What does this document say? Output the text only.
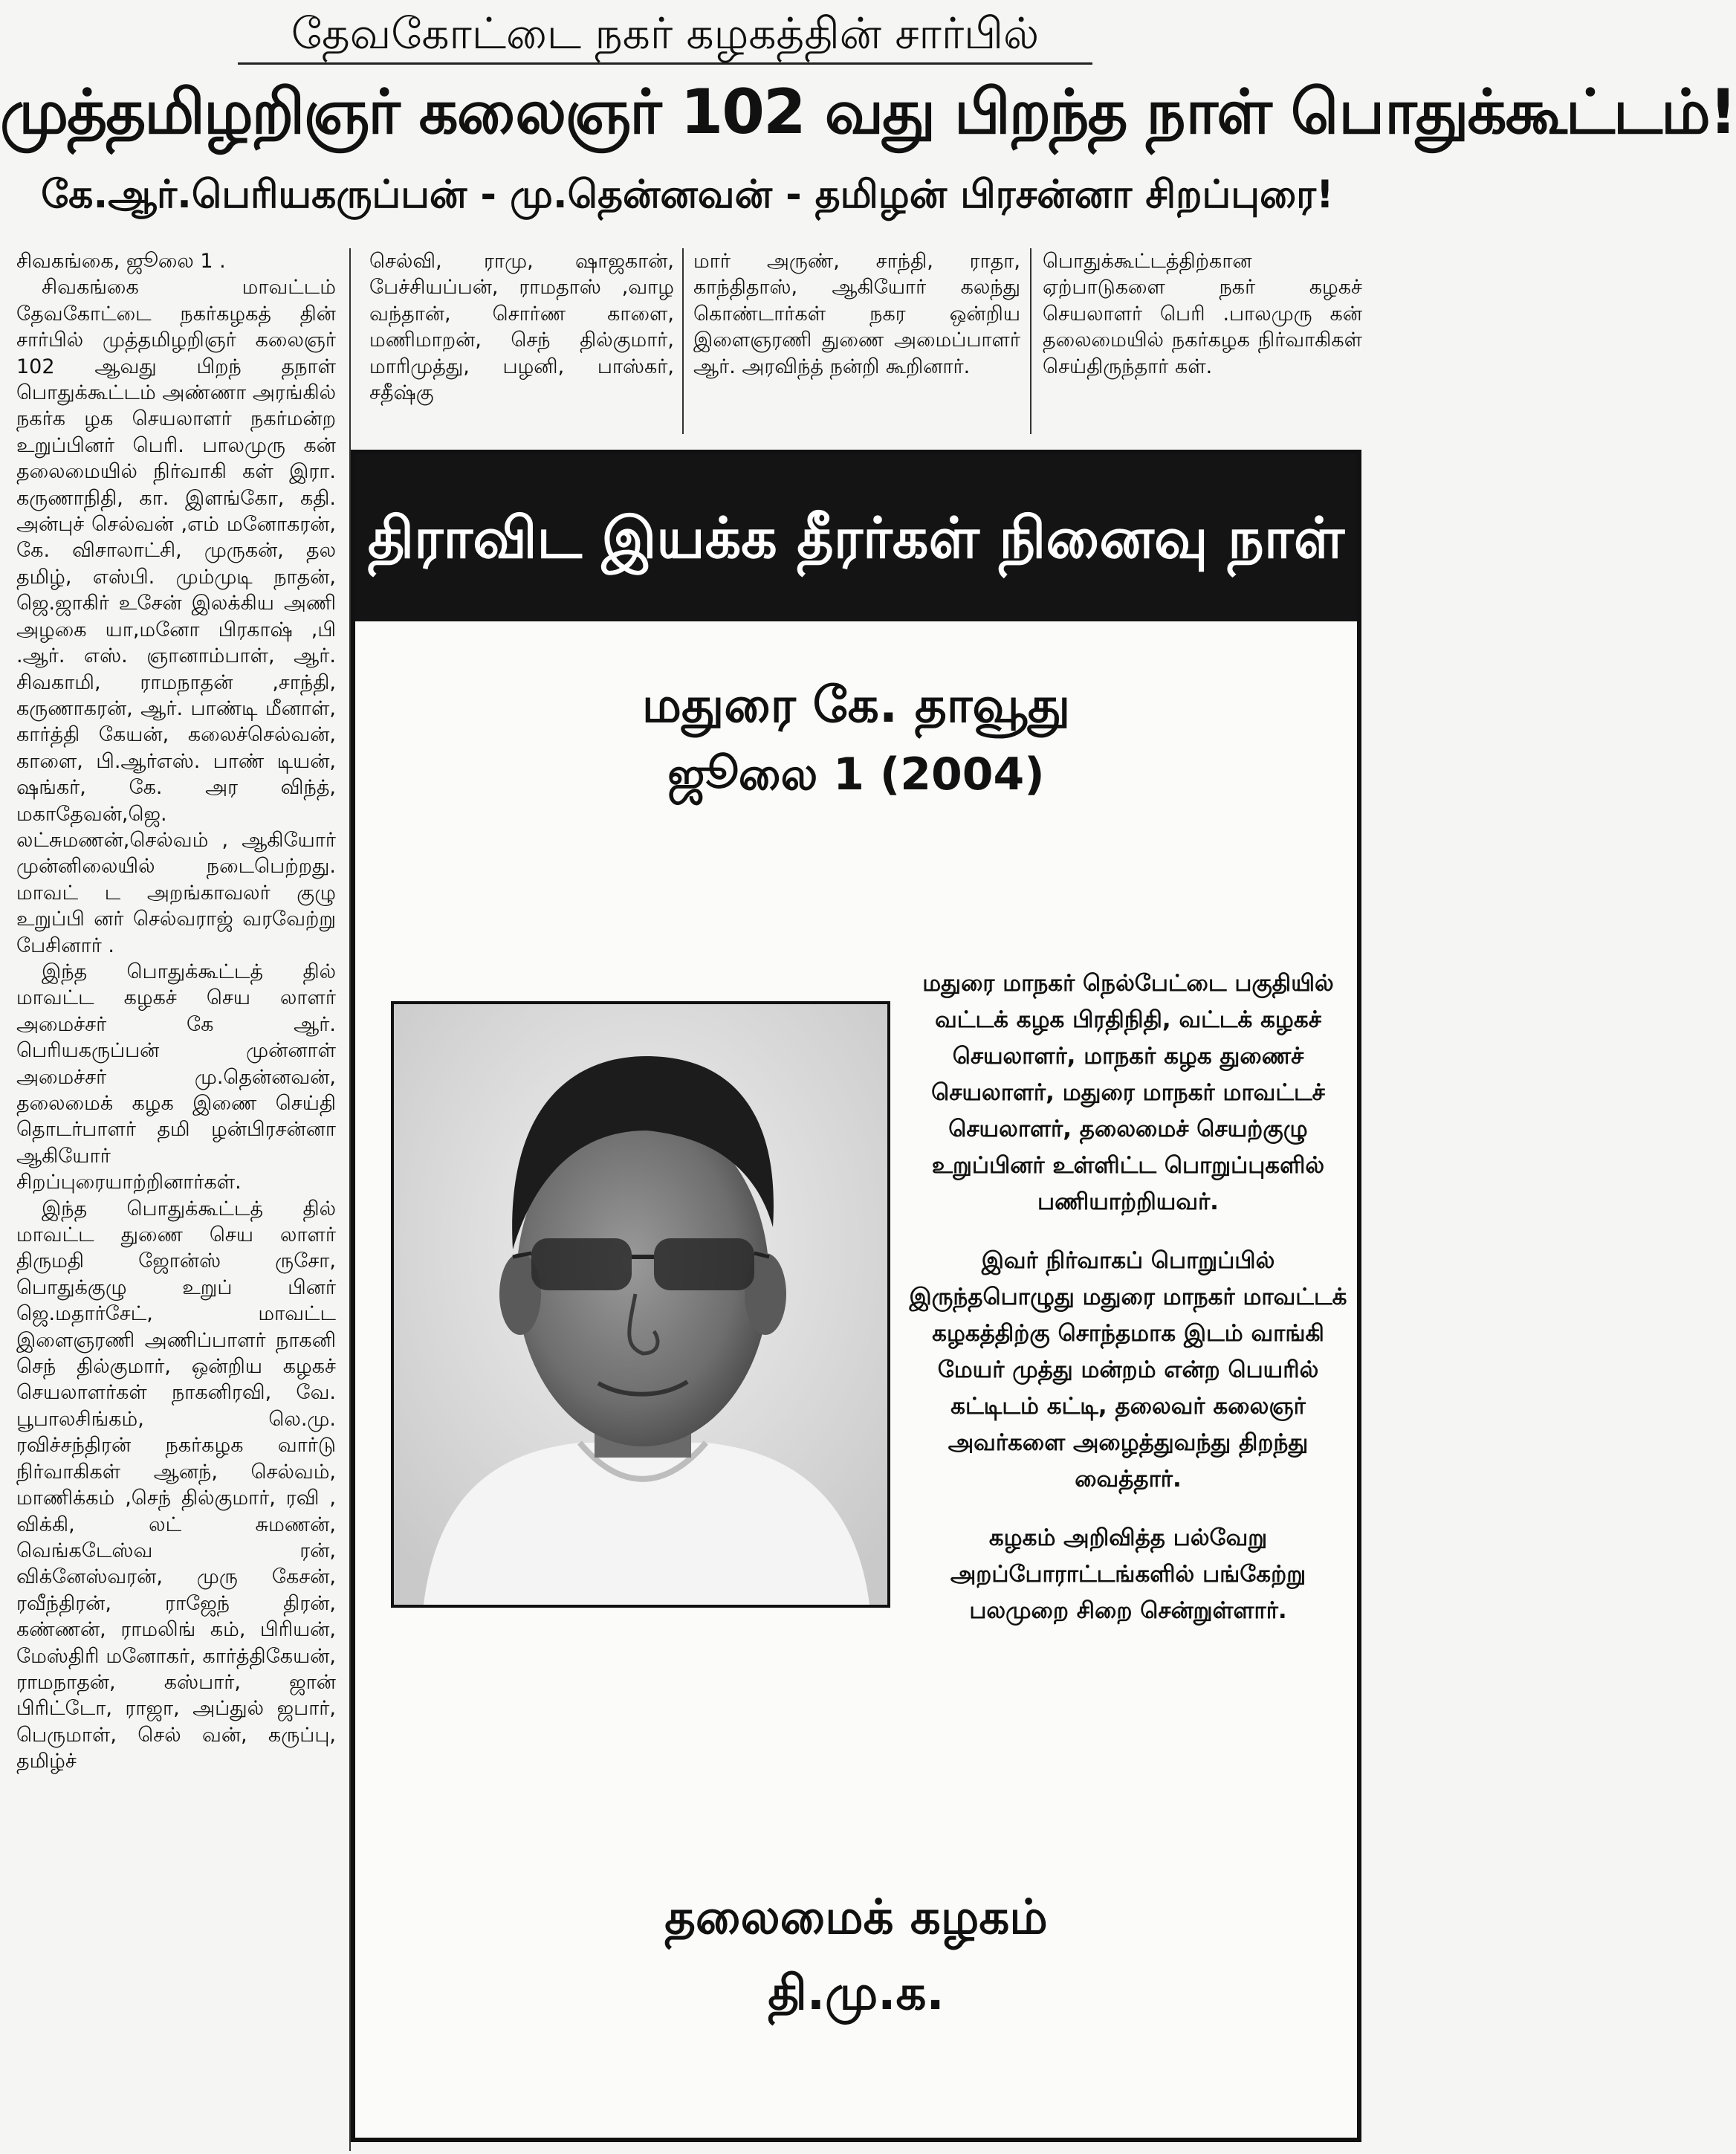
தேவகோட்டை நகர் கழகத்தின் சார்பில்
முத்தமிழறிஞர் கலைஞர் 102 வது பிறந்த நாள் பொதுக்கூட்டம்!
கே.ஆர்.பெரியகருப்பன் - மு.தென்னவன் - தமிழன் பிரசன்னா சிறப்புரை!

சிவகங்கை, ஜூலை 1 .

சிவகங்கை மாவட்டம் தேவகோட்டை நகர்கழகத் தின் சார்பில் முத்தமிழறிஞர் கலைஞர் 102 ஆவது பிறந் தநாள் பொதுக்கூட்டம் அண்ணா அரங்கில் நகர்க ழக செயலாளர் நகர்மன்ற உறுப்பினர் பெரி. பாலமுரு கன் தலைமையில் நிர்வாகி கள் இரா. கருணாநிதி, கா. இளங்கோ, கதி. அன்புச் செல்வன் ,எம் மனோகரன், கே. விசாலாட்சி, முருகன், தல தமிழ், எஸ்பி. மும்முடி நாதன், ஜெ.ஜாகிர் உசேன் இலக்கிய அணி அழகை யா,மனோ பிரகாஷ் ,பி .ஆர். எஸ். ஞானாம்பாள், ஆர். சிவகாமி, ராமநாதன் ,சாந்தி, கருணாகரன், ஆர். பாண்டி மீனாள், கார்த்தி கேயன், கலைச்செல்வன், காளை, பி.ஆர்எஸ். பாண் டியன், ஷங்கர், கே. அர விந்த், மகாதேவன்,ஜெ. லட்சுமணன்,செல்வம் , ஆகியோர் முன்னிலையில் நடைபெற்றது. மாவட் ட அறங்காவலர் குழு உறுப்பி னர் செல்வராஜ் வரவேற்று பேசினார் .

இந்த பொதுக்கூட்டத் தில் மாவட்ட கழகச் செய லாளர் அமைச்சர் கே ஆர். பெரியகருப்பன் முன்னாள் அமைச்சர் மு.தென்னவன், தலைமைக் கழக இணை செய்தி தொடர்பாளர் தமி ழன்பிரசன்னா ஆகியோர் சிறப்புரையாற்றினார்கள்.

இந்த பொதுக்கூட்டத் தில் மாவட்ட துணை செய லாளர் திருமதி ஜோன்ஸ் ருசோ, பொதுக்குழு உறுப் பினர் ஜெ.மதார்சேட், மாவட்ட இளைஞரணி அணிப்பாளர் நாகனி செந் தில்குமார், ஒன்றிய கழகச் செயலாளர்கள் நாகனிரவி, வே. பூபாலசிங்கம், லெ.மு. ரவிச்சந்திரன் நகர்கழக வார்டு நிர்வாகிகள் ஆனந், செல்வம், மாணிக்கம் ,செந் தில்குமார், ரவி , விக்கி, லட் சுமணன், வெங்கடேஸ்வ ரன், விக்னேஸ்வரன், முரு கேசன், ரவீந்திரன், ராஜேந் திரன், கண்ணன், ராமலிங் கம், பிரியன், மேஸ்திரி மனோகர், கார்த்திகேயன், ராமநாதன், கஸ்பார், ஜான் பிரிட்டோ, ராஜா, அப்துல் ஜபார், பெருமாள், செல் வன், கருப்பு, தமிழ்ச்

செல்வி, ராமு, ஷாஜகான், பேச்சியப்பன், ராமதாஸ் ,வாழ வந்தான், சொர்ண காளை, மணிமாறன், செந் தில்குமார், மாரிமுத்து, பழனி, பாஸ்கர், சதீஷ்கு

மார் அருண், சாந்தி, ராதா, காந்திதாஸ், ஆகியோர் கலந்து கொண்டார்கள் நகர ஒன்றிய இளைஞரணி துணை அமைப்பாளர் ஆர். அரவிந்த் நன்றி கூறினார்.

பொதுக்கூட்டத்திற்கான ஏற்பாடுகளை நகர் கழகச் செயலாளர் பெரி .பாலமுரு கன் தலைமையில் நகர்கழக நிர்வாகிகள் செய்திருந்தார் கள்.

திராவிட இயக்க தீரர்கள் நினைவு நாள்
மதுரை கே. தாவூது
ஜூலை 1 (2004)

மதுரை மாநகர் நெல்பேட்டை பகுதியில் வட்டக் கழக பிரதிநிதி, வட்டக் கழகச் செயலாளர், மாநகர் கழக துணைச் செயலாளர், மதுரை மாநகர் மாவட்டச் செயலாளர், தலைமைச் செயற்குழு உறுப்பினர் உள்ளிட்ட பொறுப்புகளில் பணியாற்றியவர்.

இவர் நிர்வாகப் பொறுப்பில் இருந்தபொழுது மதுரை மாநகர் மாவட்டக் கழகத்திற்கு சொந்தமாக இடம் வாங்கி மேயர் முத்து மன்றம் என்ற பெயரில் கட்டிடம் கட்டி, தலைவர் கலைஞர் அவர்களை அழைத்துவந்து திறந்து வைத்தார்.

கழகம் அறிவித்த பல்வேறு அறப்போராட்டங்களில் பங்கேற்று பலமுறை சிறை சென்றுள்ளார்.

தலைமைக் கழகம்
தி.மு.க.
